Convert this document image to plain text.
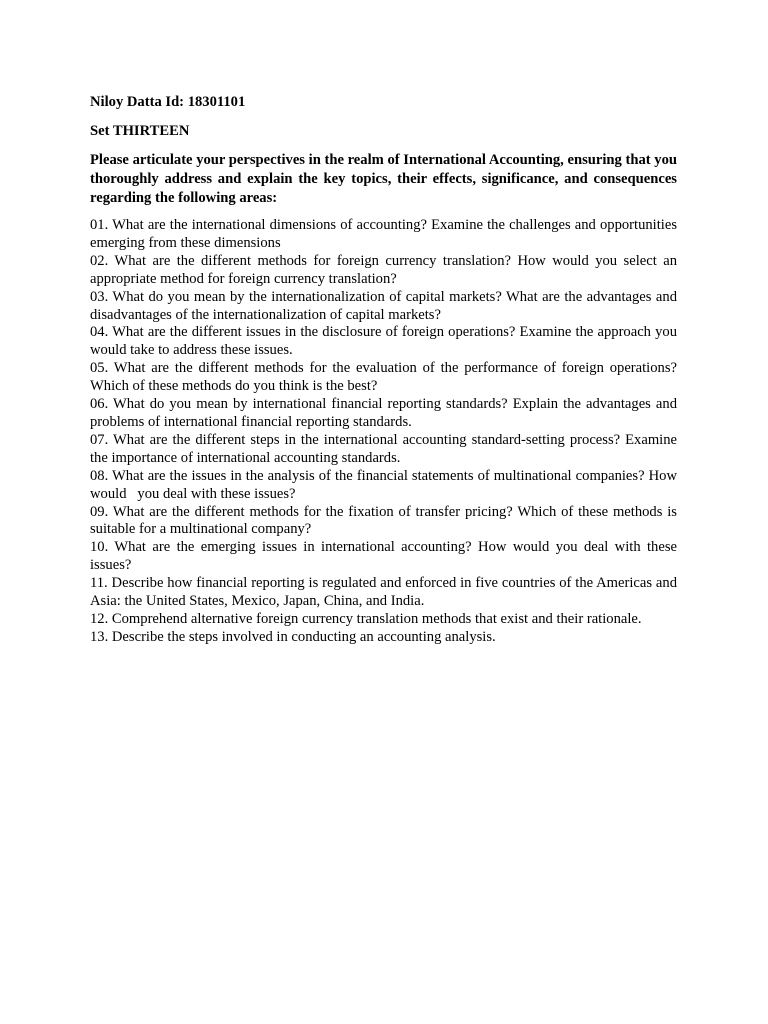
Niloy Datta Id: 18301101

Set THIRTEEN

Please articulate your perspectives in the realm of International Accounting, ensuring that you thoroughly address and explain the key topics, their effects, significance, and consequences regarding the following areas:

01. What are the international dimensions of accounting? Examine the challenges and opportunities emerging from these dimensions

02. What are the different methods for foreign currency translation? How would you select an appropriate method for foreign currency translation?

03. What do you mean by the internationalization of capital markets? What are the advantages and disadvantages of the internationalization of capital markets?

04. What are the different issues in the disclosure of foreign operations? Examine the approach you would take to address these issues.

05. What are the different methods for the evaluation of the performance of foreign operations? Which of these methods do you think is the best?

06. What do you mean by international financial reporting standards? Explain the advantages and problems of international financial reporting standards.

07. What are the different steps in the international accounting standard-setting process? Examine the importance of international accounting standards.

08. What are the issues in the analysis of the financial statements of multinational companies? How would   you deal with these issues?

09. What are the different methods for the fixation of transfer pricing? Which of these methods is suitable for a multinational company?

10. What are the emerging issues in international accounting? How would you deal with these issues?

11. Describe how financial reporting is regulated and enforced in five countries of the Americas and Asia: the United States, Mexico, Japan, China, and India.

12. Comprehend alternative foreign currency translation methods that exist and their rationale.

13. Describe the steps involved in conducting an accounting analysis.
